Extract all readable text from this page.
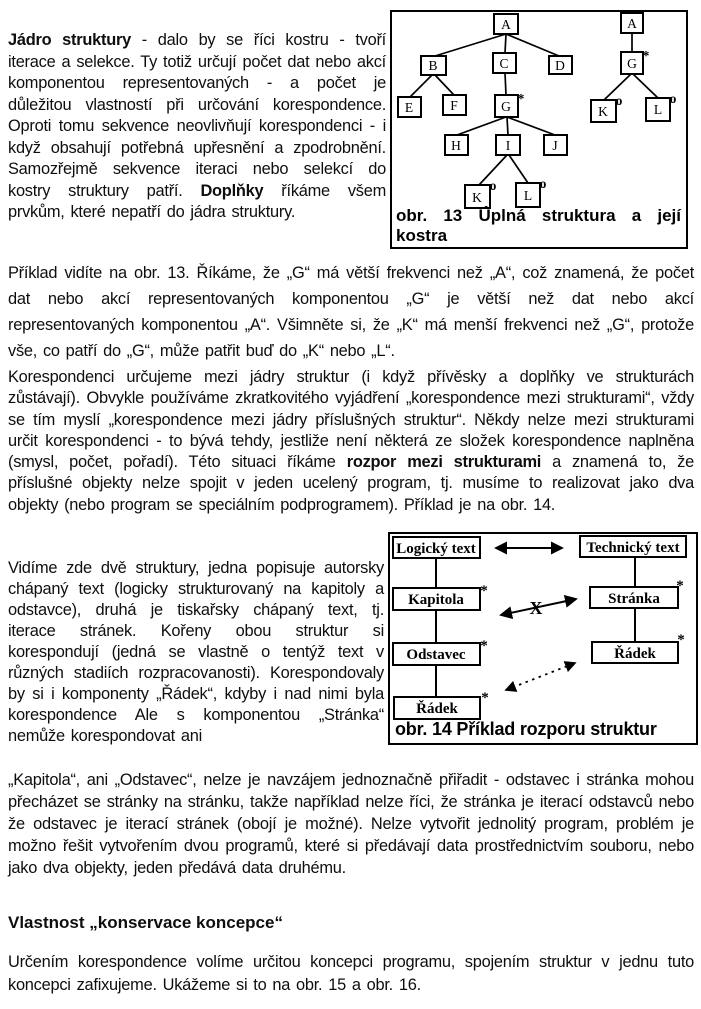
Jádro struktury - dalo by se říci kostru - tvoří iterace a selekce. Ty totiž určují počet dat nebo akcí komponentou representovaných - a počet je důležitou vlastností při určování korespondence. Oproti tomu sekvence neovlivňují korespondenci - i když obsahují potřebná upřesnění a zpodrobnění. Samozřejmě sekvence iteraci nebo selekcí do kostry struktury patří. Doplňky říkáme všem prvkům, které nepatří do jádra struktury.

A
B	C	D
E	F	G
*
H	I	J
K
o
L
o
A
G
*
K
o
L
o
obr. 13 Úplná struktura a její
kostra

Příklad vidíte na obr. 13. Říkáme, že „G“ má větší frekvenci než „A“, což znamená, že počet dat nebo akcí representovaných komponentou „G“ je větší než dat nebo akcí representovaných komponentou „A“. Všimněte si, že „K“ má menší frekvenci než „G“, protože vše, co patří do „G“, může patřit buď do „K“ nebo „L“.

Korespondenci určujeme mezi jádry struktur (i když přívěsky a doplňky ve strukturách zůstávají). Obvykle používáme zkratkovitého vyjádření „korespondence mezi strukturami“, vždy se tím myslí „korespondence mezi jádry příslušných struktur“. Někdy nelze mezi strukturami určit korespondenci - to bývá tehdy, jestliže není některá ze složek korespondence naplněna (smysl, počet, pořadí). Této situaci říkáme rozpor mezi strukturami a znamená to, že příslušné objekty nelze spojit v jeden ucelený program, tj. musíme to realizovat jako dva objekty (nebo program se speciálním podprogramem). Příklad je na obr. 14.

Vidíme zde dvě struktury, jedna popisuje autorsky chápaný text (logicky strukturovaný na kapitoly a odstavce), druhá je tiskařsky chápaný text, tj. iterace stránek. Kořeny obou struktur si korespondují (jedná se vlastně o tentýž text v různých stadiích rozpracovanosti). Korespondovaly by si i komponenty „Řádek“, kdyby i nad nimi byla korespondence Ale s komponentou „Stránka“ nemůže korespondovat ani

X
Logický text	Technický text
Kapitola
*	Stránka
*
Odstavec
*	Řádek
*
Řádek
*
obr. 14 Příklad rozporu struktur

„Kapitola“, ani „Odstavec“, nelze je navzájem jednoznačně přiřadit - odstavec i stránka mohou přecházet se stránky na stránku, takže například nelze říci, že stránka je iterací odstavců nebo že odstavec je iterací stránek (obojí je možné). Nelze vytvořit jednolitý program, problém je možno řešit vytvořením dvou programů, které si předávají data prostřednictvím souboru, nebo jako dva objekty, jeden předává data druhému.

Vlastnost „konservace koncepce“

Určením korespondence volíme určitou koncepci programu, spojením struktur v jednu tuto koncepci zafixujeme. Ukážeme si to na obr. 15 a obr. 16.
